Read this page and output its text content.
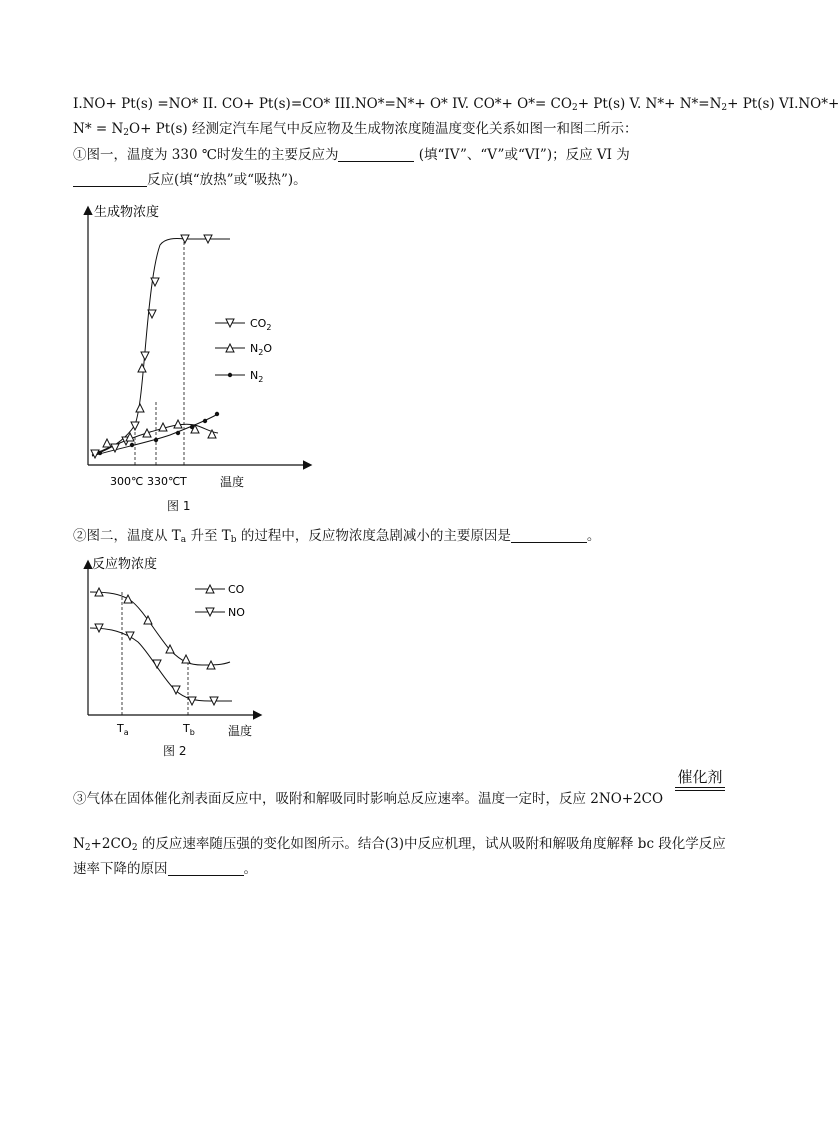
I.NO+ Pt(s) =NO* II. CO+ Pt(s)=CO* III.NO*=N*+ O* IV. $CO*+ O*= CO_2+ Pt(s)$ V. $N*+ N*=N_2+ Pt(s)$ VI.NO*+
$N* = N_2O+ Pt(s)$ 经测定汽车尾气中反应物及生成物浓度随温度变化关系如图一和图二所示：
①图一，温度为 330 ℃时发生的主要反应为	(填“IV”、“V”或“VI”)；反应 VI 为
反应(填“放热”或“吸热”)。
生成物浓度
温度
300℃ 330℃ T
$CO_2$
$N_2O$
$N_2$
图 1
②图二，温度从 $T_a$ 升至 $T_b$ 的过程中，反应物浓度急剧减小的主要原因是	。
反应物浓度
温度
$T_a$	$T_b$
CO
NO
图 2
③气体在固体催化剂表面反应中，吸附和解吸同时影响总反应速率。温度一定时，反应 2NO+2CO
催化剂
$N_2+2CO_2$ 的反应速率随压强的变化如图所示。结合(3)中反应机理，试从吸附和解吸角度解释 bc 段化学反应
速率下降的原因	。
